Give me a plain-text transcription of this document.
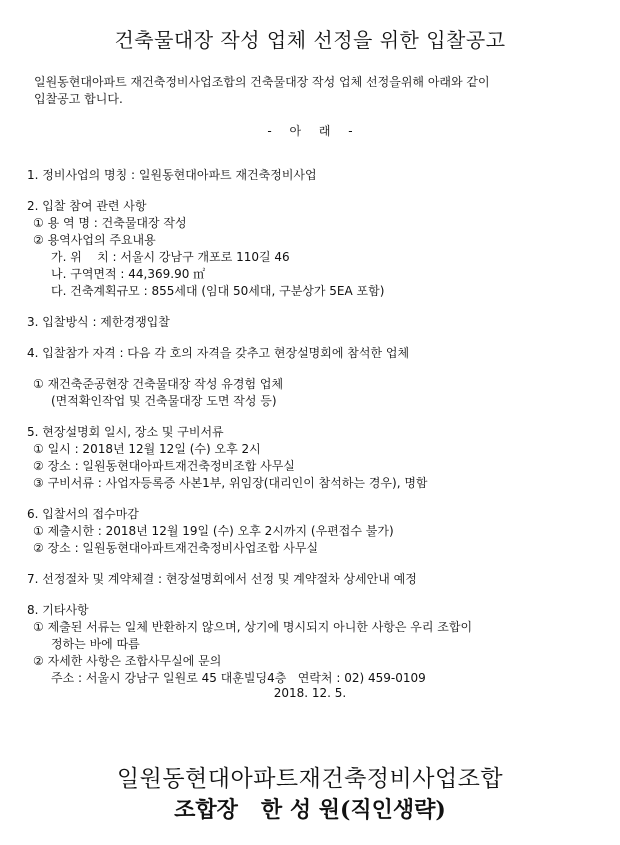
건축물대장 작성 업체 선정을 위한 입찰공고
일원동현대아파트 재건축정비사업조합의 건축물대장 작성 업체 선정을위해 아래와 같이
입찰공고 합니다.
- 아 래 -
1. 정비사업의 명칭 : 일원동현대아파트 재건축정비사업
2. 입찰 참여 관련 사항
① 용 역 명 : 건축물대장 작성
② 용역사업의 주요내용
가. 위    치 : 서울시 강남구 개포로 110길 46
나. 구역면적 : 44,369.90 ㎡
다. 건축계획규모 : 855세대 (임대 50세대, 구분상가 5EA 포함)
3. 입찰방식 : 제한경쟁입찰
4. 입찰참가 자격 : 다음 각 호의 자격을 갖추고 현장설명회에 참석한 업체
① 재건축준공현장 건축물대장 작성 유경험 업체
(면적확인작업 및 건축물대장 도면 작성 등)
5. 현장설명회 일시, 장소 및 구비서류
① 일시 : 2018년 12월 12일 (수) 오후 2시
② 장소 : 일원동현대아파트재건축정비조합 사무실
③ 구비서류 : 사업자등록증 사본1부, 위임장(대리인이 참석하는 경우), 명함
6. 입찰서의 접수마감
① 제출시한 : 2018년 12월 19일 (수) 오후 2시까지 (우편접수 불가)
② 장소 : 일원동현대아파트재건축정비사업조합 사무실
7. 선정절차 및 계약체결 : 현장설명회에서 선정 및 계약절차 상세안내 예정
8. 기타사항
① 제출된 서류는 일체 반환하지 않으며, 상기에 명시되지 아니한 사항은 우리 조합이
정하는 바에 따름
② 자세한 사항은 조합사무실에 문의
주소 : 서울시 강남구 일원로 45 대훈빌딩4층   연락처 : 02) 459-0109
2018. 12. 5.
일원동현대아파트재건축정비사업조합
조합장   한 성 원(직인생략)
